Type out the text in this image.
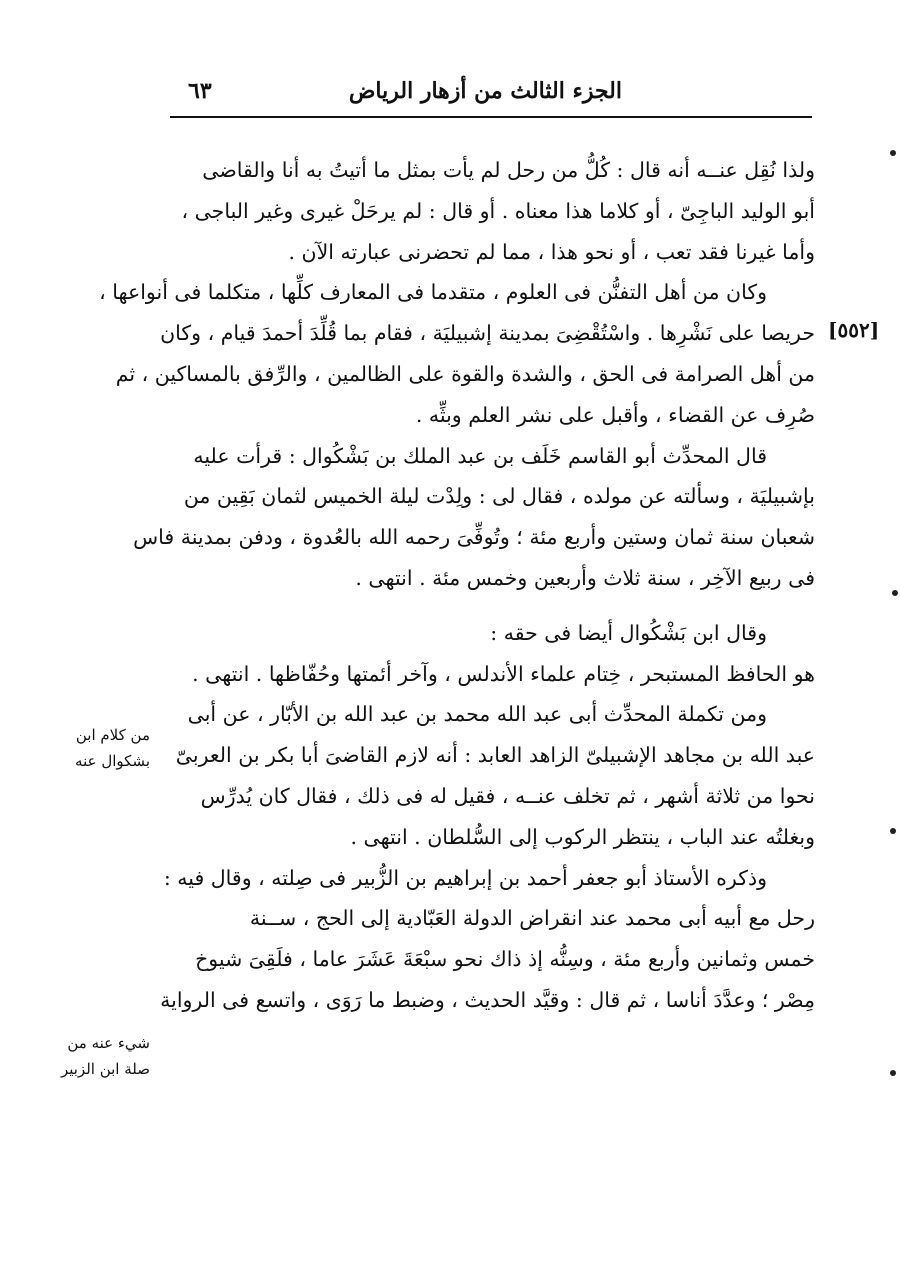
الجزء الثالث من أزهار الرياض
٦٣
[٥٥٢]
من كلام ابن
بشكوال عنه
شيء عنه من
صلة ابن الزبير
ولذا نُقِل عنــه أنه قال : كُلُّ من رحل لم يأت بمثل ما أتيتُ به أنا والقاضى
أبو الوليد الباجِىّ ، أو كلاما هذا معناه . أو قال : لم يرحَلْ غيرى وغير الباجى ،
وأما غيرنا فقد تعب ، أو نحو هذا ، مما لم تحضرنى عبارته الآن .
وكان من أهل التفنُّن فى العلوم ، متقدما فى المعارف كلِّها ، متكلما فى أنواعها ،
حريصا على نَشْرِها . واسْتُقْضِىَ بمدينة إشبيليَة ، فقام بما قُلِّدَ أحمدَ قيام ، وكان
من أهل الصرامة فى الحق ، والشدة والقوة على الظالمين ، والرِّفق بالمساكين ، ثم
صُرِف عن القضاء ، وأقبل على نشر العلم وبثِّه .
قال المحدِّث أبو القاسم خَلَف بن عبد الملك بن بَشْكُوال : قرأت عليه
بإشبيليَة ، وسألته عن مولده ، فقال لى : ولِدْت ليلة الخميس لثمان بَقِين من
شعبان سنة ثمان وستين وأربع مئة ؛ وتُوفِّىَ رحمه الله بالعُدوة ، ودفن بمدينة فاس
فى ربيع الآخِر ، سنة ثلاث وأربعين وخمس مئة . انتهى .
وقال ابن بَشْكُوال أيضا فى حقه :
هو الحافظ المستبحر ، خِتام علماء الأندلس ، وآخر أئمتها وحُفّاظها . انتهى .
ومن تكملة المحدِّث أبى عبد الله محمد بن عبد الله بن الأبّار ، عن أبى
عبد الله بن مجاهد الإشبيلىّ الزاهد العابد : أنه لازم القاضىَ أبا بكر بن العربىّ
نحوا من ثلاثة أشهر ، ثم تخلف عنــه ، فقيل له فى ذلك ، فقال كان يُدرِّس
وبغلتُه عند الباب ، ينتظر الركوب إلى السُّلطان . انتهى .
وذكره الأستاذ أبو جعفر أحمد بن إبراهيم بن الزُّبير فى صِلته ، وقال فيه :
رحل مع أبيه أبى محمد عند انقراض الدولة العَبّادية إلى الحج ، ســنة
خمس وثمانين وأربع مئة ، وسِنُّه إذ ذاك نحو سبْعَةَ عَشَرَ عاما ، فلَقِىَ شيوخ
مِصْر ؛ وعدَّدَ أناسا ، ثم قال : وقيَّد الحديث ، وضبط ما رَوَى ، واتسع فى الرواية
